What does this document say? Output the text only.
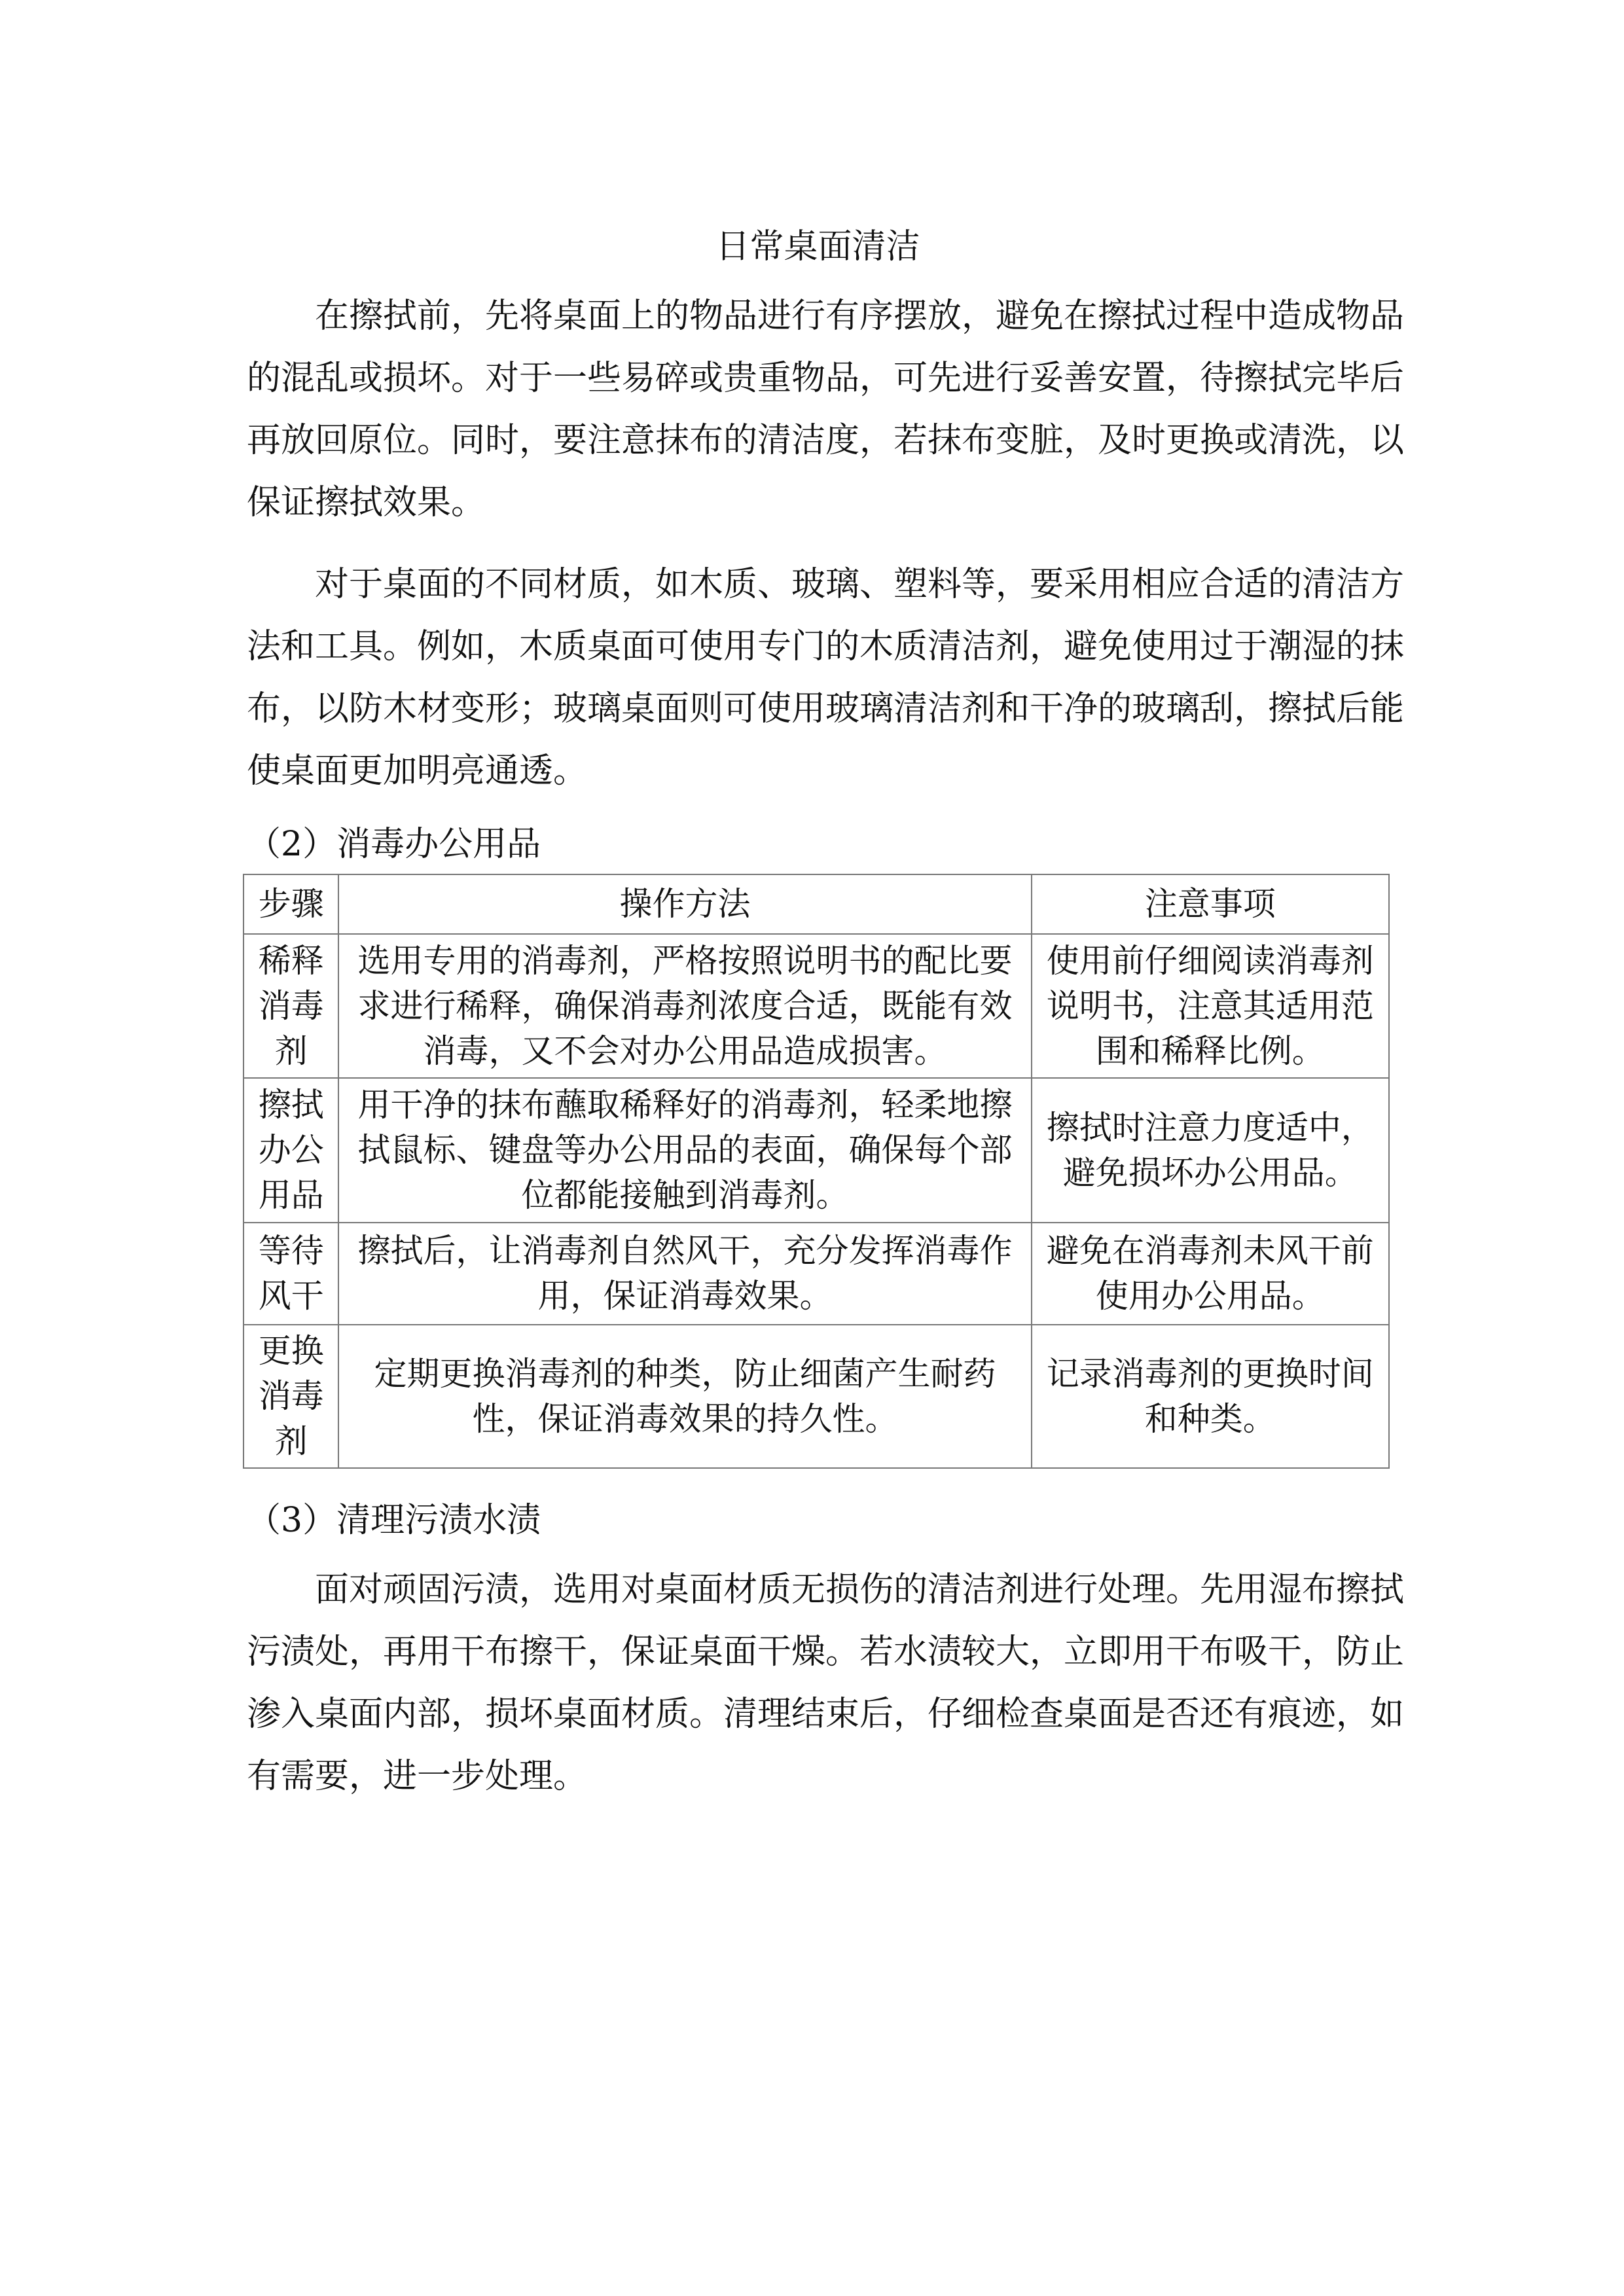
日常桌面清洁
在擦拭前，先将桌面上的物品进行有序摆放，避免在擦拭过程中造成物品
的混乱或损坏。对于一些易碎或贵重物品，可先进行妥善安置，待擦拭完毕后
再放回原位。同时，要注意抹布的清洁度，若抹布变脏，及时更换或清洗，以
保证擦拭效果。
对于桌面的不同材质，如木质、玻璃、塑料等，要采用相应合适的清洁方
法和工具。例如，木质桌面可使用专门的木质清洁剂，避免使用过于潮湿的抹
布，以防木材变形；玻璃桌面则可使用玻璃清洁剂和干净的玻璃刮，擦拭后能
使桌面更加明亮通透。
（2）消毒办公用品
步骤	操作方法	注意事项

稀释
消毒
剂	选用专用的消毒剂，严格按照说明书的配比要
求进行稀释，确保消毒剂浓度合适，既能有效
消毒，又不会对办公用品造成损害。	使用前仔细阅读消毒剂
说明书，注意其适用范
围和稀释比例。

擦拭
办公
用品	用干净的抹布蘸取稀释好的消毒剂，轻柔地擦
拭鼠标、键盘等办公用品的表面，确保每个部
位都能接触到消毒剂。	擦拭时注意力度适中，
避免损坏办公用品。

等待
风干	擦拭后，让消毒剂自然风干，充分发挥消毒作
用，保证消毒效果。	避免在消毒剂未风干前
使用办公用品。

更换
消毒
剂	定期更换消毒剂的种类，防止细菌产生耐药
性，保证消毒效果的持久性。	记录消毒剂的更换时间
和种类。
（3）清理污渍水渍
面对顽固污渍，选用对桌面材质无损伤的清洁剂进行处理。先用湿布擦拭
污渍处，再用干布擦干，保证桌面干燥。若水渍较大，立即用干布吸干，防止
渗入桌面内部，损坏桌面材质。清理结束后，仔细检查桌面是否还有痕迹，如
有需要，进一步处理。
